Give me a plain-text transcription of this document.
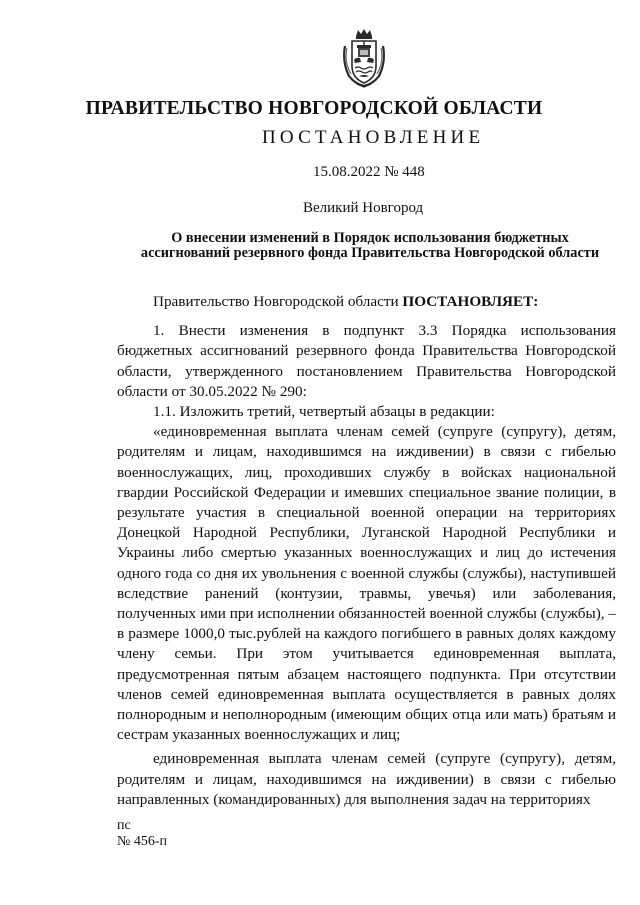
ПРАВИТЕЛЬСТВО НОВГОРОДСКОЙ ОБЛАСТИ
ПОСТАНОВЛЕНИЕ
15.08.2022 № 448
Великий Новгород
О внесении изменений в Порядок использования бюджетных ассигнований резервного фонда Правительства Новгородской области

Правительство Новгородской области ПОСТАНОВЛЯЕТ:

1. Внести изменения в подпункт 3.3 Порядка использования бюджетных ассигнований резервного фонда Правительства Новгородской области, утвержденного постановлением Правительства Новгородской области от 30.05.2022 № 290:

1.1. Изложить третий, четвертый абзацы в редакции:

«единовременная выплата членам семей (супруге (супругу), детям, родителям и лицам, находившимся на иждивении) в связи с гибелью военнослужащих, лиц, проходивших службу в войсках национальной гвардии Российской Федерации и имевших специальное звание полиции, в результате участия в специальной военной операции на территориях Донецкой Народной Республики, Луганской Народной Республики и Украины либо смертью указанных военнослужащих и лиц до истечения одного года со дня их увольнения с военной службы (службы), наступившей вследствие ранений (контузии, травмы, увечья) или заболевания, полученных ими при исполнении обязанностей военной службы (службы), – в размере 1000,0 тыс.рублей на каждого погибшего в равных долях каждому члену семьи. При этом учитывается единовременная выплата, предусмотренная пятым абзацем настоящего подпункта. При отсутствии членов семей единовременная выплата осуществляется в равных долях полнородным и неполнородным (имеющим общих отца или мать) братьям и сестрам указанных военнослужащих и лиц;

единовременная выплата членам семей (супруге (супругу), детям, родителям и лицам, находившимся на иждивении) в связи с гибелью направленных (командированных) для выполнения задач на территориях

пс
№ 456-п
